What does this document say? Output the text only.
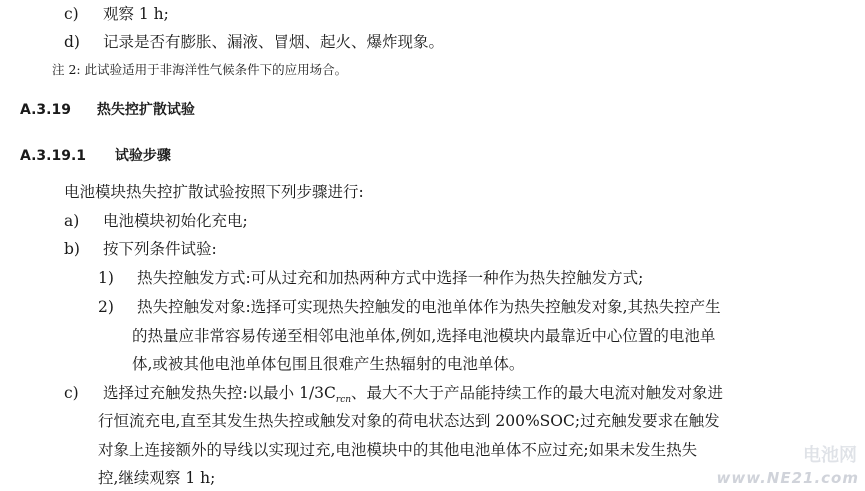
c) 观察 1 h;
d) 记录是否有膨胀、漏液、冒烟、起火、爆炸现象。
注 2: 此试验适用于非海洋性气候条件下的应用场合。
A.3.19 热失控扩散试验
A.3.19.1 试验步骤
电池模块热失控扩散试验按照下列步骤进行:
a) 电池模块初始化充电;
b) 按下列条件试验:
1) 热失控触发方式:可从过充和加热两种方式中选择一种作为热失控触发方式;
2) 热失控触发对象:选择可实现热失控触发的电池单体作为热失控触发对象,其热失控产生
的热量应非常容易传递至相邻电池单体,例如,选择电池模块内最靠近中心位置的电池单
体,或被其他电池单体包围且很难产生热辐射的电池单体。
c) 选择过充触发热失控:以最小 $1/3C_{rcn}$、最大不大于产品能持续工作的最大电流对触发对象进
行恒流充电,直至其发生热失控或触发对象的荷电状态达到 200%SOC;过充触发要求在触发
对象上连接额外的导线以实现过充,电池模块中的其他电池单体不应过充;如果未发生热失
控,继续观察 1 h;
电池网
www.NE21.com
